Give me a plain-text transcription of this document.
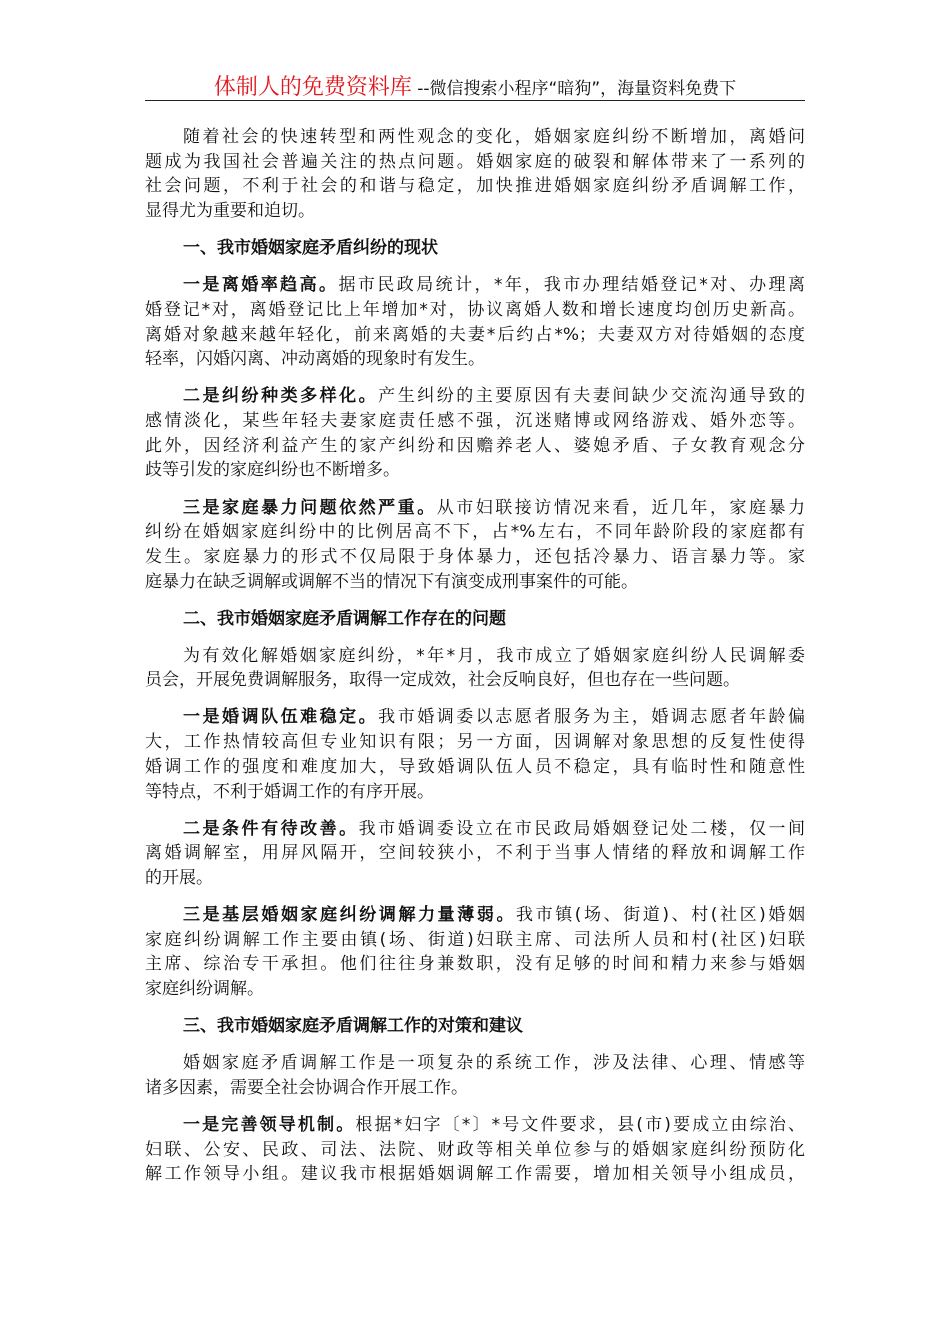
体制人的免费资料库 --微信搜索小程序“暗狗”，海量资料免费下
随着社会的快速转型和两性观念的变化，婚姻家庭纠纷不断增加，离婚问
题成为我国社会普遍关注的热点问题。婚姻家庭的破裂和解体带来了一系列的
社会问题，不利于社会的和谐与稳定，加快推进婚姻家庭纠纷矛盾调解工作，
显得尤为重要和迫切。
一、我市婚姻家庭矛盾纠纷的现状
一是离婚率趋高。据市民政局统计，*年，我市办理结婚登记*对、办理离
婚登记*对，离婚登记比上年增加*对，协议离婚人数和增长速度均创历史新高。
离婚对象越来越年轻化，前来离婚的夫妻*后约占*%；夫妻双方对待婚姻的态度
轻率，闪婚闪离、冲动离婚的现象时有发生。
二是纠纷种类多样化。产生纠纷的主要原因有夫妻间缺少交流沟通导致的
感情淡化，某些年轻夫妻家庭责任感不强，沉迷赌博或网络游戏、婚外恋等。
此外，因经济利益产生的家产纠纷和因赡养老人、婆媳矛盾、子女教育观念分
歧等引发的家庭纠纷也不断增多。
三是家庭暴力问题依然严重。从市妇联接访情况来看，近几年，家庭暴力
纠纷在婚姻家庭纠纷中的比例居高不下，占*%左右，不同年龄阶段的家庭都有
发生。家庭暴力的形式不仅局限于身体暴力，还包括冷暴力、语言暴力等。家
庭暴力在缺乏调解或调解不当的情况下有演变成刑事案件的可能。
二、我市婚姻家庭矛盾调解工作存在的问题
为有效化解婚姻家庭纠纷，*年*月，我市成立了婚姻家庭纠纷人民调解委
员会，开展免费调解服务，取得一定成效，社会反响良好，但也存在一些问题。
一是婚调队伍难稳定。我市婚调委以志愿者服务为主，婚调志愿者年龄偏
大，工作热情较高但专业知识有限；另一方面，因调解对象思想的反复性使得
婚调工作的强度和难度加大，导致婚调队伍人员不稳定，具有临时性和随意性
等特点，不利于婚调工作的有序开展。
二是条件有待改善。我市婚调委设立在市民政局婚姻登记处二楼，仅一间
离婚调解室，用屏风隔开，空间较狭小，不利于当事人情绪的释放和调解工作
的开展。
三是基层婚姻家庭纠纷调解力量薄弱。我市镇(场、街道)、村(社区)婚姻
家庭纠纷调解工作主要由镇(场、街道)妇联主席、司法所人员和村(社区)妇联
主席、综治专干承担。他们往往身兼数职，没有足够的时间和精力来参与婚姻
家庭纠纷调解。
三、我市婚姻家庭矛盾调解工作的对策和建议
婚姻家庭矛盾调解工作是一项复杂的系统工作，涉及法律、心理、情感等
诸多因素，需要全社会协调合作开展工作。
一是完善领导机制。根据*妇字〔*〕*号文件要求，县(市)要成立由综治、
妇联、公安、民政、司法、法院、财政等相关单位参与的婚姻家庭纠纷预防化
解工作领导小组。建议我市根据婚姻调解工作需要，增加相关领导小组成员，
